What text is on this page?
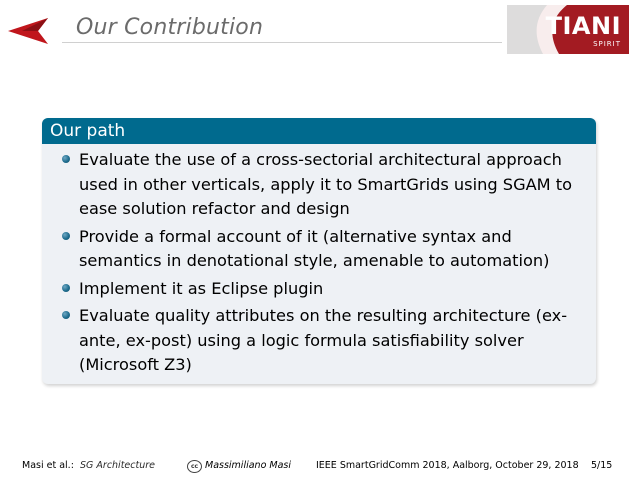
Our Contribution	TIANI
SPIRIT
Our path
Evaluate the use of a cross-sectorial architectural approach used in other verticals, apply it to SmartGrids using SGAM to ease solution refactor and design
Provide a formal account of it (alternative syntax and semantics in denotational style, amenable to automation)
Implement it as Eclipse plugin
Evaluate quality attributes on the resulting architecture (ex-ante, ex-post) using a logic formula satisfiability solver (Microsoft Z3)
Masi et al.: SG Architecture	cc Massimiliano Masi	IEEE SmartGridComm 2018, Aalborg, October 29, 2018 5/15
